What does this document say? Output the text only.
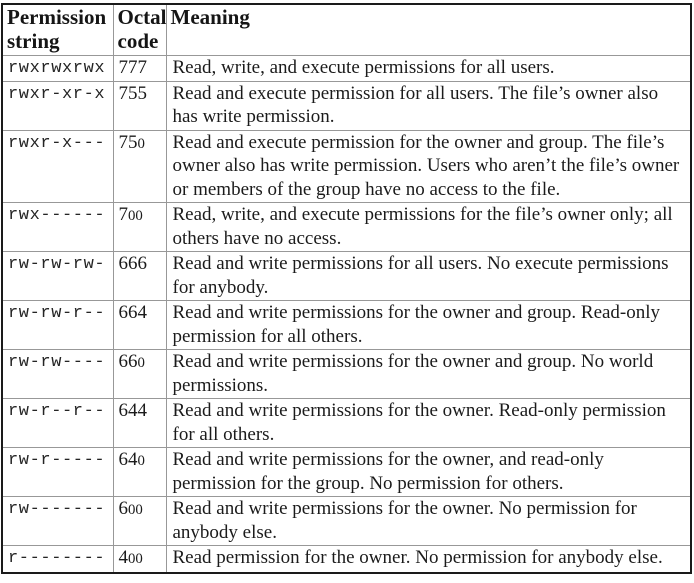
Permission string	Octal code	Meaning
rwxrwxrwx	777	Read, write, and execute permissions for all users.
rwxr-xr-x	755	Read and execute permission for all users. The file’s owner also has write permission.
rwxr-x---	750	Read and execute permission for the owner and group. The file’s owner also has write permission. Users who aren’t the file’s owner or members of the group have no access to the file.
rwx------	700	Read, write, and execute permissions for the file’s owner only; all others have no access.
rw-rw-rw-	666	Read and write permissions for all users. No execute permissions for anybody.
rw-rw-r--	664	Read and write permissions for the owner and group. Read-only permission for all others.
rw-rw----	660	Read and write permissions for the owner and group. No world permissions.
rw-r--r--	644	Read and write permissions for the owner. Read-only permission for all others.
rw-r-----	640	Read and write permissions for the owner, and read-only permission for the group. No permission for others.
rw-------	600	Read and write permissions for the owner. No permission for anybody else.
r--------	400	Read permission for the owner. No permission for anybody else.
